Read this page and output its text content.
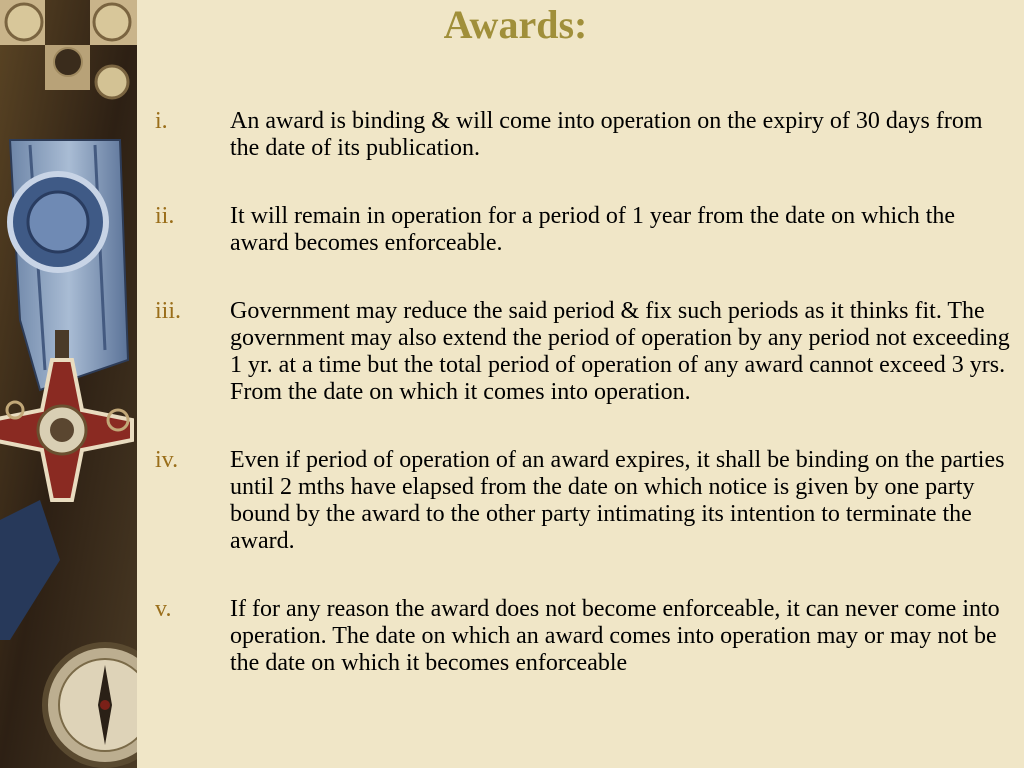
Awards:
i.	An award is binding & will come into operation on the expiry of 30 days from the date of its publication.
ii. It will remain in operation for a period of 1 year from the date on which the award becomes enforceable.
iii. Government may reduce the said period & fix such periods as it thinks fit. The government may also extend the period of operation by any period not exceeding 1 yr. at a time but the total period of operation of any award cannot exceed 3 yrs. From the date on which it comes into operation.
iv. Even if period of operation of an award expires, it shall be binding on the parties until 2 mths have elapsed from the date on which notice is given by one party bound by the award to the other party intimating its intention to terminate the award.
v. If for any reason the award does not become enforceable, it can never come into operation. The date on which an award comes into operation may or may not be the date on which it becomes enforceable
